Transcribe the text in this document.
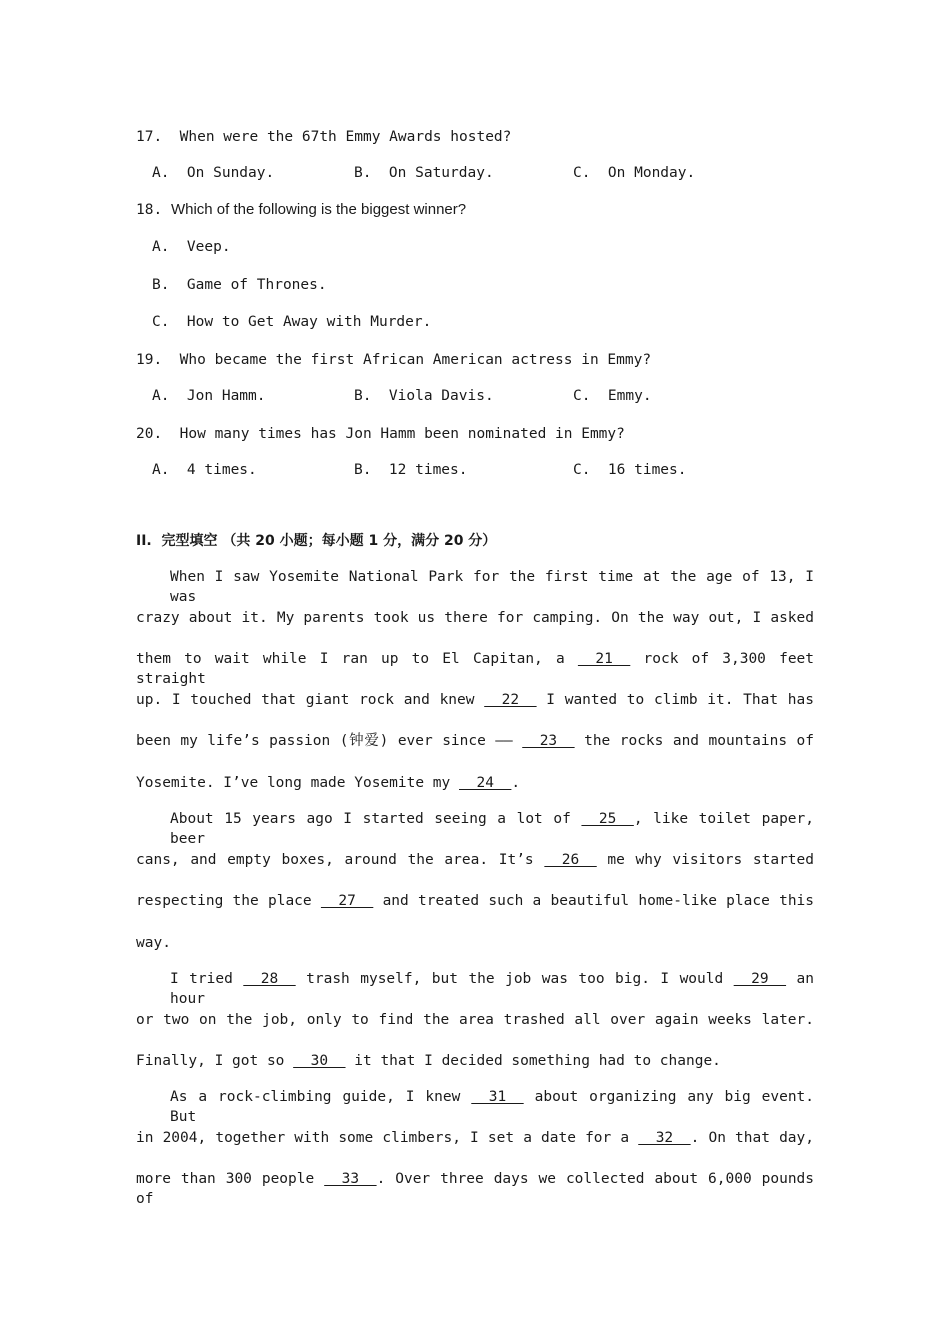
17.  When were the 67th Emmy Awards hosted?
A.  On Sunday.	B.  On Saturday.	C.  On Monday.
18. Which of the following is the biggest winner?
A.  Veep.
B.  Game of Thrones.
C.  How to Get Away with Murder.
19.  Who became the first African American actress in Emmy?
A.  Jon Hamm.	B.  Viola Davis.	C.  Emmy.
20.  How many times has Jon Hamm been nominated in Emmy?
A.  4 times.	B.  12 times.	C.  16 times.
II.  完型填空 （共 20 小题；每小题 1 分，满分 20 分）
When I saw Yosemite National Park for the first time at the age of 13, I was
crazy about it. My parents took us there for camping. On the way out, I asked
them to wait while I ran up to El Capitan, a   21   rock of 3,300 feet straight
up. I touched that giant rock and knew   22   I wanted to climb it. That has
been my life’s passion (钟爱) ever since ——   23   the rocks and mountains of
Yosemite. I’ve long made Yosemite my   24  .
About 15 years ago I started seeing a lot of   25  , like toilet paper, beer
cans, and empty boxes, around the area. It’s   26   me why visitors started
respecting the place   27   and treated such a beautiful home-like place this
way.
I tried   28   trash myself, but the job was too big. I would   29   an hour
or two on the job, only to find the area trashed all over again weeks later.
Finally, I got so   30   it that I decided something had to change.
As a rock-climbing guide, I knew   31   about organizing any big event. But
in 2004, together with some climbers, I set a date for a   32  . On that day,
more than 300 people   33  . Over three days we collected about 6,000 pounds of
